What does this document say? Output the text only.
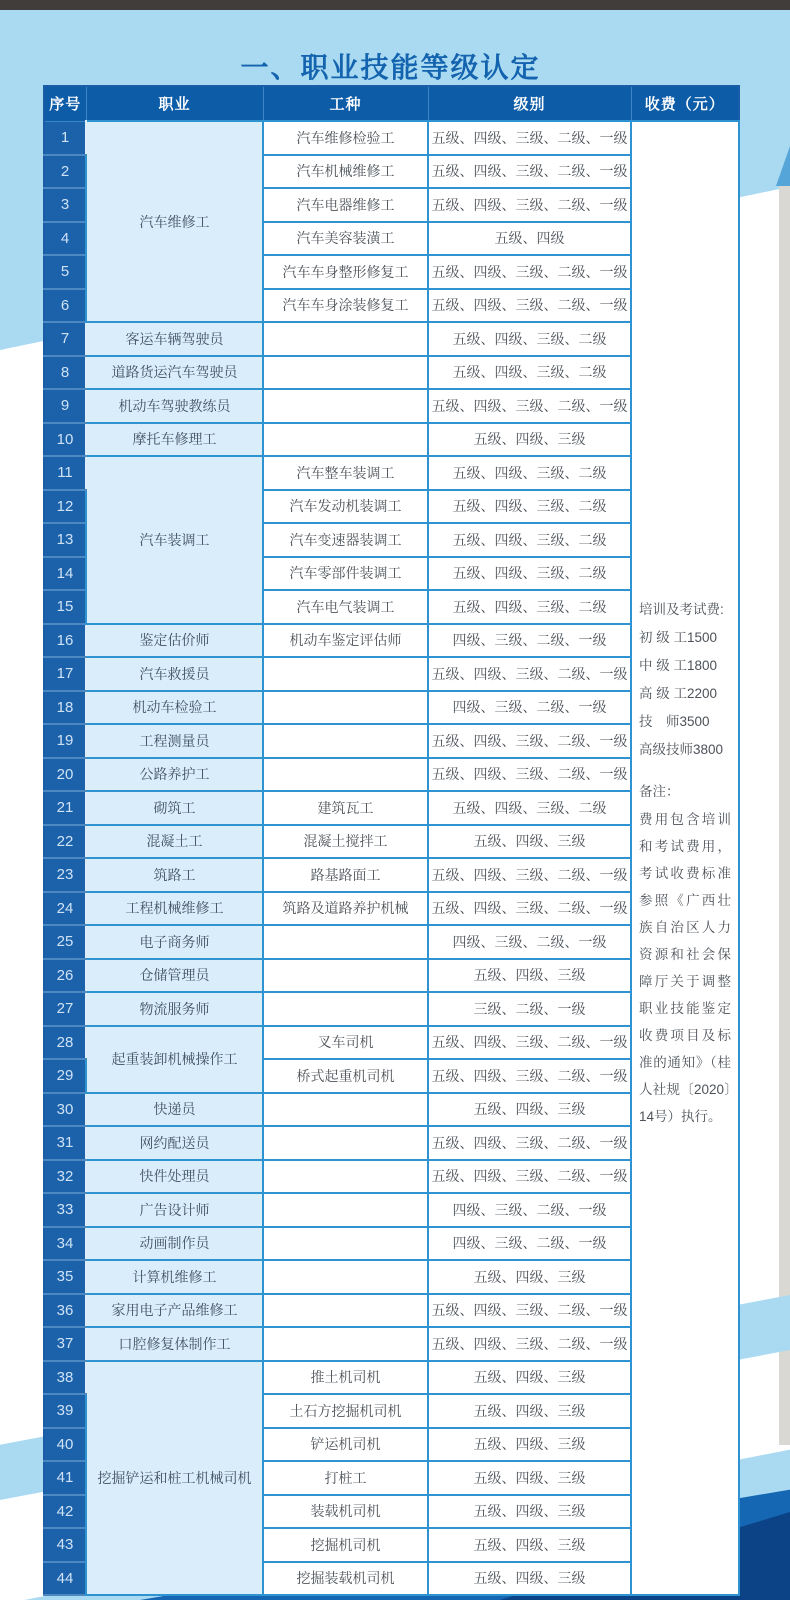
一、职业技能等级认定
序号	职业	工种	级别	收费（元）
1	汽车维修工	汽车维修检验工	五级、四级、三级、二级、一级	
培训及考试费:
初 级 工1500
中 级 工1800
高 级 工2200
技　师3500
高级技师3800
备注：
费用包含培训和考试费用，考试收费标准参照《广西壮族自治区人力资源和社会保障厅关于调整职业技能鉴定收费项目及标准的通知》（桂人社规〔2020〕14号）执行。

2		汽车机械维修工	五级、四级、三级、二级、一级	
3		汽车电器维修工	五级、四级、三级、二级、一级	
4		汽车美容装潢工	五级、四级	
5		汽车车身整形修复工	五级、四级、三级、二级、一级	
6		汽车车身涂装修复工	五级、四级、三级、二级、一级	
7	客运车辆驾驶员		五级、四级、三级、二级	
8	道路货运汽车驾驶员		五级、四级、三级、二级	
9	机动车驾驶教练员		五级、四级、三级、二级、一级	
10	摩托车修理工		五级、四级、三级	
11	汽车装调工	汽车整车装调工	五级、四级、三级、二级	
12		汽车发动机装调工	五级、四级、三级、二级	
13		汽车变速器装调工	五级、四级、三级、二级	
14		汽车零部件装调工	五级、四级、三级、二级	
15		汽车电气装调工	五级、四级、三级、二级	
16	鉴定估价师	机动车鉴定评估师	四级、三级、二级、一级	
17	汽车救援员		五级、四级、三级、二级、一级	
18	机动车检验工		四级、三级、二级、一级	
19	工程测量员		五级、四级、三级、二级、一级	
20	公路养护工		五级、四级、三级、二级、一级	
21	砌筑工	建筑瓦工	五级、四级、三级、二级	
22	混凝土工	混凝土搅拌工	五级、四级、三级	
23	筑路工	路基路面工	五级、四级、三级、二级、一级	
24	工程机械维修工	筑路及道路养护机械	五级、四级、三级、二级、一级	
25	电子商务师		四级、三级、二级、一级	
26	仓储管理员		五级、四级、三级	
27	物流服务师		三级、二级、一级	
28	起重装卸机械操作工	叉车司机	五级、四级、三级、二级、一级	
29		桥式起重机司机	五级、四级、三级、二级、一级	
30	快递员		五级、四级、三级	
31	网约配送员		五级、四级、三级、二级、一级	
32	快件处理员		五级、四级、三级、二级、一级	
33	广告设计师		四级、三级、二级、一级	
34	动画制作员		四级、三级、二级、一级	
35	计算机维修工		五级、四级、三级	
36	家用电子产品维修工		五级、四级、三级、二级、一级	
37	口腔修复体制作工		五级、四级、三级、二级、一级	
38	挖掘铲运和桩工机械司机	推土机司机	五级、四级、三级	
39		土石方挖掘机司机	五级、四级、三级	
40		铲运机司机	五级、四级、三级	
41		打桩工	五级、四级、三级	
42		装载机司机	五级、四级、三级	
43		挖掘机司机	五级、四级、三级	
44		挖掘装载机司机	五级、四级、三级	
